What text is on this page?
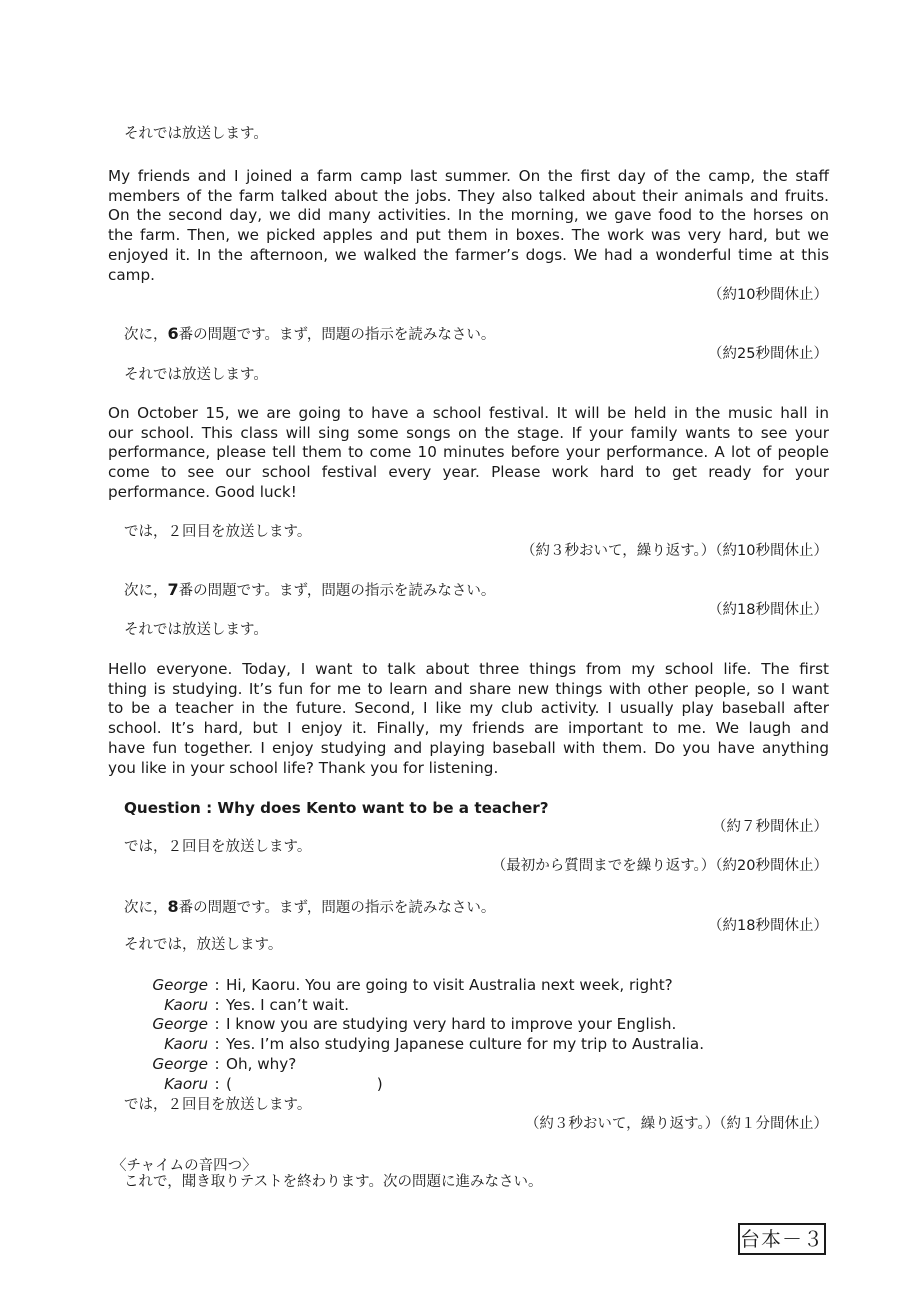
それでは放送します。
My friends and I joined a farm camp last summer. On the first day of the camp, the staff
members of the farm talked about the jobs. They also talked about their animals and fruits.
On the second day, we did many activities. In the morning, we gave food to the horses on
the farm. Then, we picked apples and put them in boxes. The work was very hard, but we
enjoyed it. In the afternoon, we walked the farmer’s dogs. We had a wonderful time at this
camp.
（約10秒間休止）
次に，6番の問題です。まず，問題の指示を読みなさい。
（約25秒間休止）
それでは放送します。
On October 15, we are going to have a school festival. It will be held in the music hall in
our school. This class will sing some songs on the stage. If your family wants to see your
performance, please tell them to come 10 minutes before your performance. A lot of people
come to see our school festival every year. Please work hard to get ready for your
performance. Good luck!
では，２回目を放送します。
（約３秒おいて，繰り返す。）（約10秒間休止）
次に，7番の問題です。まず，問題の指示を読みなさい。
（約18秒間休止）
それでは放送します。
Hello everyone. Today, I want to talk about three things from my school life. The first
thing is studying. It’s fun for me to learn and share new things with other people, so I want
to be a teacher in the future. Second, I like my club activity. I usually play baseball after
school. It’s hard, but I enjoy it. Finally, my friends are important to me. We laugh and
have fun together. I enjoy studying and playing baseball with them. Do you have anything
you like in your school life? Thank you for listening.
Question : Why does Kento want to be a teacher?
（約７秒間休止）
では，２回目を放送します。
（最初から質問までを繰り返す。）（約20秒間休止）
次に，8番の問題です。まず，問題の指示を読みなさい。
（約18秒間休止）
それでは，放送します。
George : Hi, Kaoru. You are going to visit Australia next week, right?
Kaoru : Yes. I can’t wait.
George : I know you are studying very hard to improve your English.
Kaoru : Yes. I’m also studying Japanese culture for my trip to Australia.
George : Oh, why?
Kaoru : (                              )
では，２回目を放送します。
（約３秒おいて，繰り返す。）（約１分間休止）
〈チャイムの音四つ〉
これで，聞き取りテストを終わります。次の問題に進みなさい。
台本－３
